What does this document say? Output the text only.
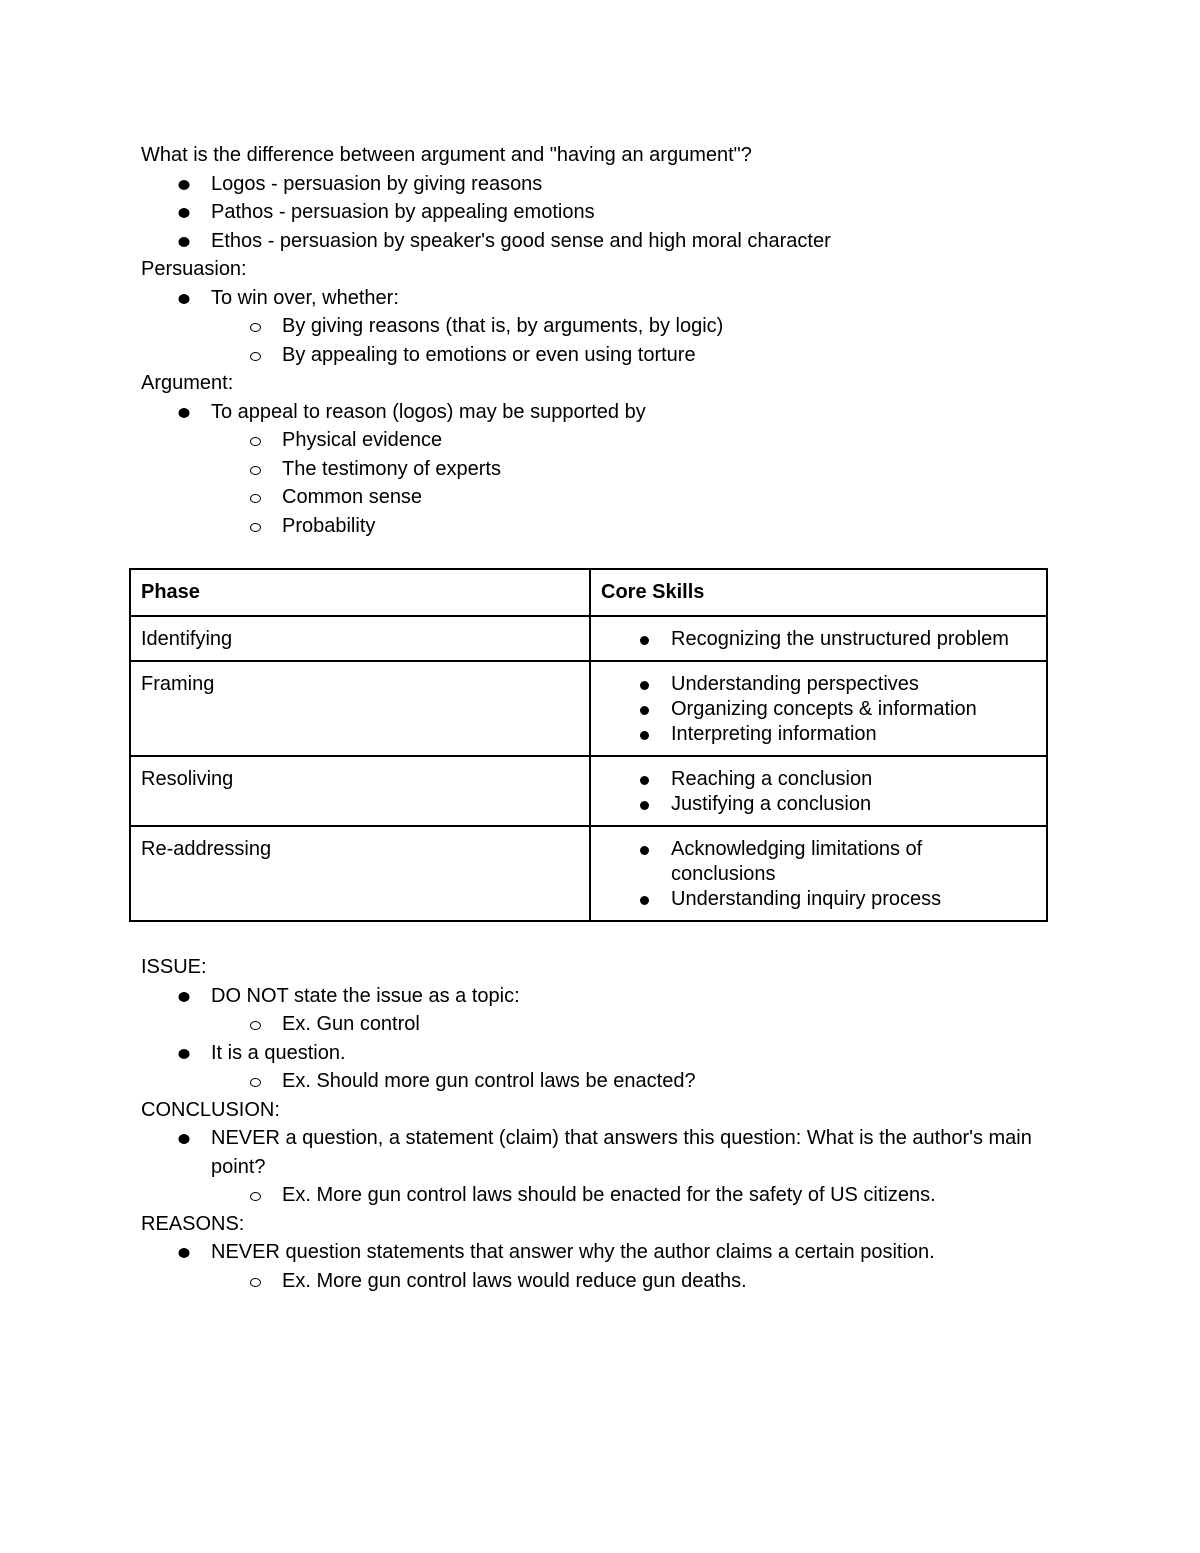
What is the difference between argument and "having an argument"?
Logos - persuasion by giving reasons
Pathos - persuasion by appealing emotions
Ethos - persuasion by speaker's good sense and high moral character
Persuasion:
To win over, whether:
By giving reasons (that is, by arguments, by logic)
By appealing to emotions or even using torture
Argument:
To appeal to reason (logos) may be supported by
Physical evidence
The testimony of experts
Common sense
Probability
Phase	Core Skills
Identifying	Recognizing the unstructured problem

Framing	Understanding perspectives
Organizing concepts & information
Interpreting information

Resoliving	Reaching a conclusion
Justifying a conclusion

Re-addressing	Acknowledging limitations of conclusions
Understanding inquiry process
ISSUE:
DO NOT state the issue as a topic:
Ex. Gun control
It is a question.
Ex. Should more gun control laws be enacted?
CONCLUSION:
NEVER a question, a statement (claim) that answers this question: What is the author's main point?
Ex. More gun control laws should be enacted for the safety of US citizens.
REASONS:
NEVER question statements that answer why the author claims a certain position.
Ex. More gun control laws would reduce gun deaths.
